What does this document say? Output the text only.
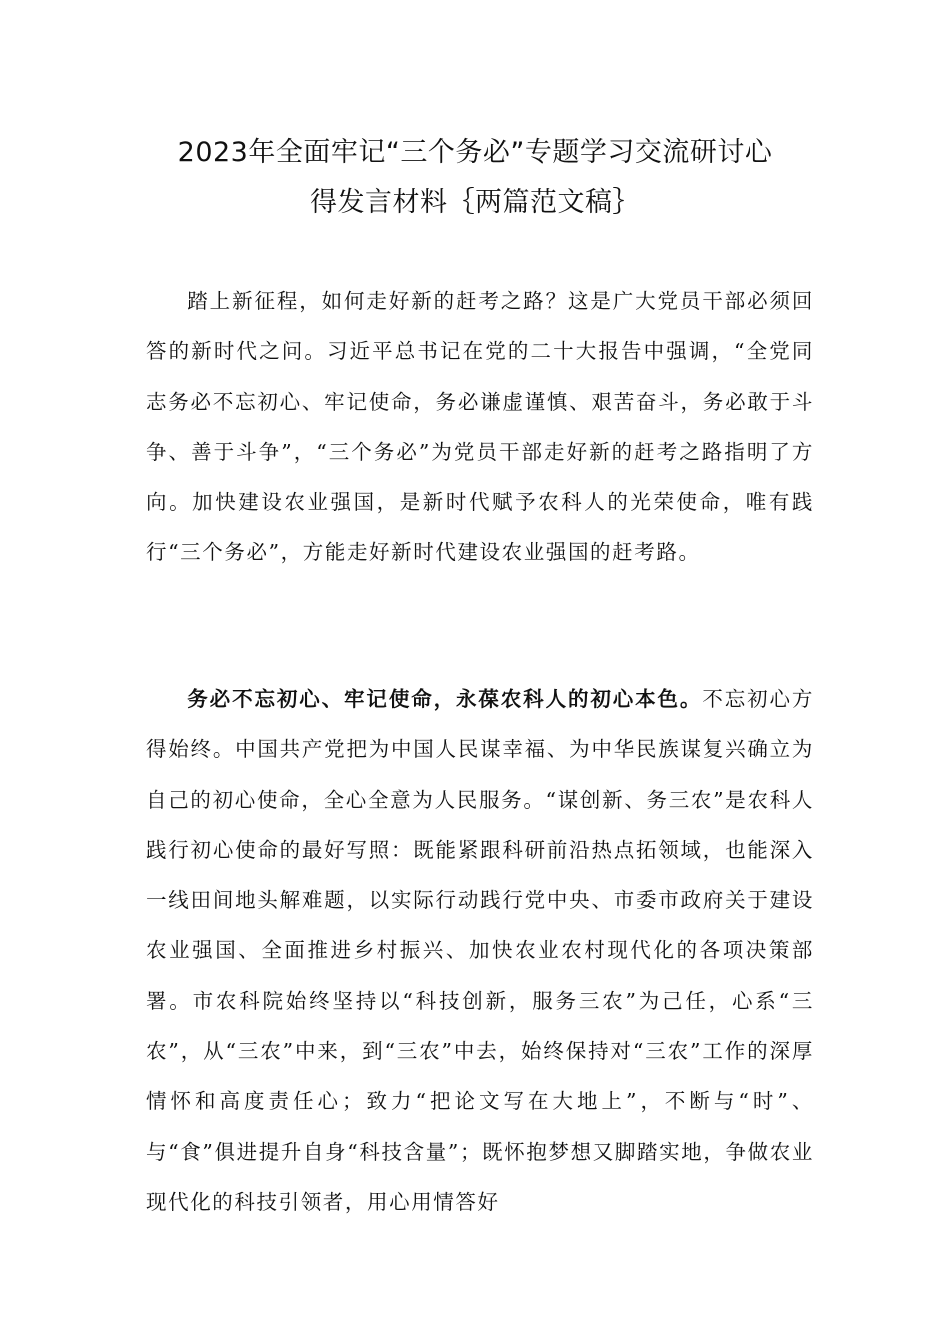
2023年全面牢记“三个务必”专题学习交流研讨心
得发言材料｛两篇范文稿｝

踏上新征程，如何走好新的赶考之路？这是广大党员干部必须回答的新时代之问。习近平总书记在党的二十大报告中强调，“全党同志务必不忘初心、牢记使命，务必谦虚谨慎、艰苦奋斗，务必敢于斗争、善于斗争”，“三个务必”为党员干部走好新的赶考之路指明了方向。加快建设农业强国，是新时代赋予农科人的光荣使命，唯有践行“三个务必”，方能走好新时代建设农业强国的赶考路。

务必不忘初心、牢记使命，永葆农科人的初心本色。不忘初心方得始终。中国共产党把为中国人民谋幸福、为中华民族谋复兴确立为自己的初心使命，全心全意为人民服务。“谋创新、务三农”是农科人践行初心使命的最好写照：既能紧跟科研前沿热点拓领域，也能深入一线田间地头解难题，以实际行动践行党中央、市委市政府关于建设农业强国、全面推进乡村振兴、加快农业农村现代化的各项决策部署。市农科院始终坚持以“科技创新，服务三农”为己任，心系“三农”，从“三农”中来，到“三农”中去，始终保持对“三农”工作的深厚情怀和高度责任心；致力“把论文写在大地上”，不断与“时”、与“食”俱进提升自身“科技含量”；既怀抱梦想又脚踏实地，争做农业现代化的科技引领者，用心用情答好
